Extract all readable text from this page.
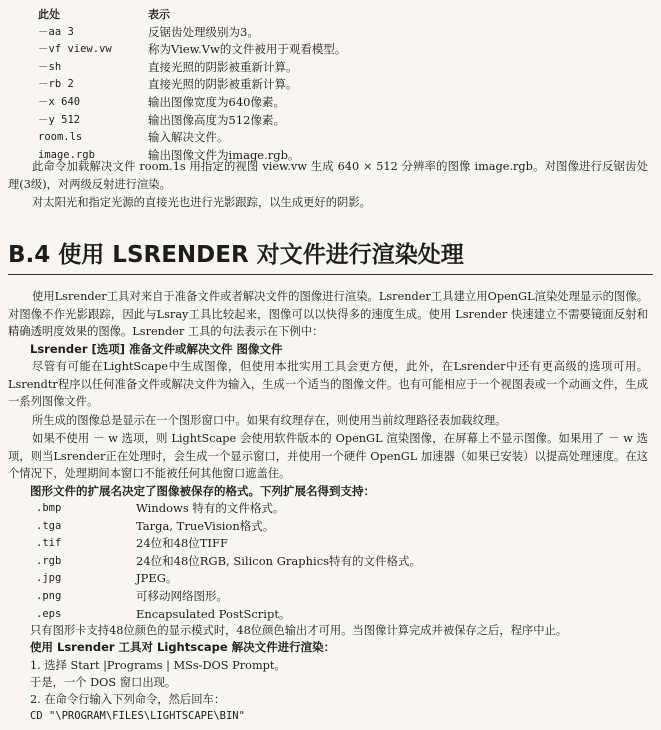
此处	表示
－aa 3	反锯齿处理级别为3。
－vf view.vw	称为View.Vw的文件被用于观看模型。
－sh	直接光照的阴影被重新计算。
－rb 2	直接光照的阴影被重新计算。
－x 640	输出图像宽度为640像素。
－y 512	输出图像高度为512像素。
room.ls	输入解决文件。
image.rgb	输出图像文件为image.rgb。

此命令加载解决文件 room.1s 用指定的视图 view.vw 生成 640 × 512 分辨率的图像 image.rgb。对图像进行反锯齿处理(3级)，对两级反射进行渲染。

对太阳光和指定光源的直接光也进行光影跟踪，以生成更好的阴影。

B.4 使用 LSRENDER 对文件进行渲染处理

使用Lsrender工具对来自于准备文件或者解决文件的图像进行渲染。Lsrender工具建立用OpenGL渲染处理显示的图像。对图像不作光影跟踪，因此与Lsray工具比较起来，图像可以以快得多的速度生成。使用 Lsrender 快速建立不需要镜面反射和精确透明度效果的图像。Lsrender 工具的句法表示在下例中：

Lsrender [选项] 准备文件或解决文件 图像文件

尽管有可能在LightScape中生成图像，但使用本批实用工具会更方便，此外，在Lsrender中还有更高级的选项可用。Lsrendtr程序以任何准备文件或解决文件为输入，生成一个适当的图像文件。也有可能相应于一个视图表或一个动画文件，生成一系列图像文件。

所生成的图像总是显示在一个图形窗口中。如果有纹理存在，则使用当前纹理路径表加载纹理。

如果不使用 － w 选项，则 LightScape 会使用软件版本的 OpenGL 渲染图像，在屏幕上不显示图像。如果用了 － w 选项，则当Lsrender正在处理时，会生成一个显示窗口，并使用一个硬件 OpenGL 加速器（如果已安装）以提高处理速度。在这个情况下，处理期间本窗口不能被任何其他窗口遮盖住。

图形文件的扩展名决定了图像被保存的格式。下列扩展名得到支持：
.bmp	Windows 特有的文件格式。
.tga	Targa, TrueVision格式。
.tif	24位和48位TIFF
.rgb	24位和48位RGB, Silicon Graphics特有的文件格式。
.jpg	JPEG。
.png	可移动网络图形。
.eps	Encapsulated PostScript。

只有图形卡支持48位颜色的显示模式时，48位颜色输出才可用。当图像计算完成并被保存之后，程序中止。

使用 Lsrender 工具对 Lightscape 解决文件进行渲染：
1. 选择 Start |Programs | MSs-DOS Prompt。
于是，一个 DOS 窗口出现。
2. 在命令行输入下列命令，然后回车：
CD "\PROGRAM\FILES\LIGHTSCAPE\BIN"
